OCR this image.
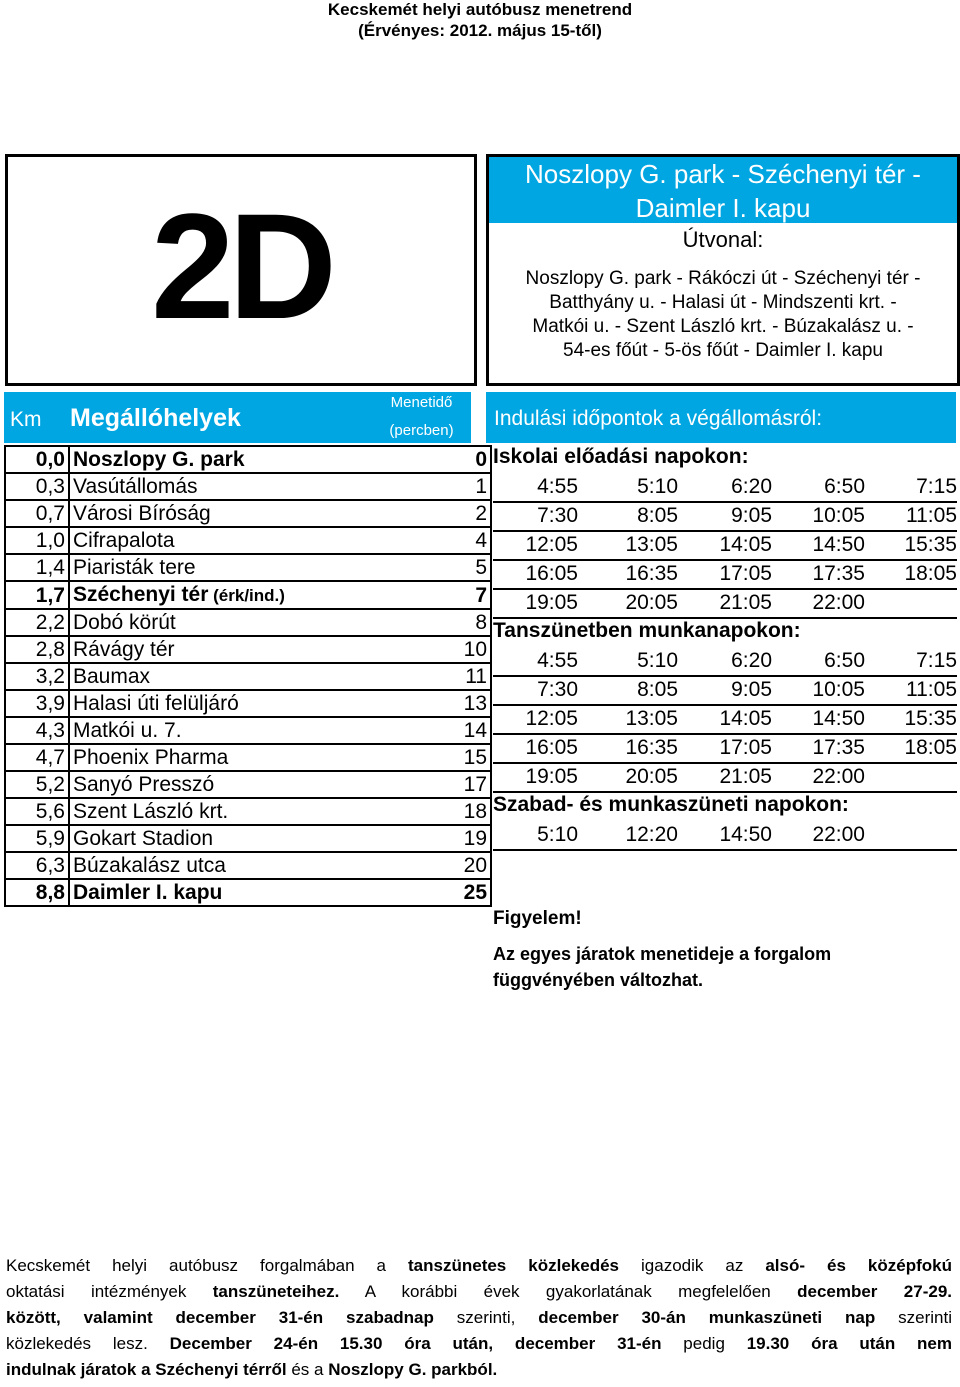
Kecskemét helyi autóbusz menetrend
(Érvényes: 2012. május 15-től)
2D
Noszlopy G. park - Széchenyi tér -
Daimler I. kapu
Útvonal:
Noszlopy G. park - Rákóczi út - Széchenyi tér -
Batthyány u. - Halasi út - Mindszenti krt. -
Matkói u. - Szent László krt. - Búzakalász u. -
54-es főút - 5-ös főút - Daimler I. kapu
Km Megállóhelyek
Menetidő
(percben)
Indulási időpontok a végállomásról:
0,0	Noszlopy G. park	0
0,3	Vasútállomás	1
0,7	Városi Bíróság	2
1,0	Cifrapalota	4
1,4	Piaristák tere	5
1,7	Széchenyi tér (érk/ind.)	7
2,2	Dobó körút	8
2,8	Rávágy tér	10
3,2	Baumax	11
3,9	Halasi úti felüljáró	13
4,3	Matkói u. 7.	14
4,7	Phoenix Pharma	15
5,2	Sanyó Presszó	17
5,6	Szent László krt.	18
5,9	Gokart Stadion	19
6,3	Búzakalász utca	20
8,8	Daimler I. kapu	25
Iskolai előadási napokon:
4:55	5:10	6:20	6:50	7:15
7:30	8:05	9:05	10:05	11:05
12:05	13:05	14:05	14:50	15:35
16:05	16:35	17:05	17:35	18:05
19:05	20:05	21:05	22:00
Tanszünetben munkanapokon:
4:55	5:10	6:20	6:50	7:15
7:30	8:05	9:05	10:05	11:05
12:05	13:05	14:05	14:50	15:35
16:05	16:35	17:05	17:35	18:05
19:05	20:05	21:05	22:00
Szabad- és munkaszüneti napokon:
5:10	12:20	14:50	22:00
Figyelem!
Az egyes járatok menetideje a forgalom
függvényében változhat.
Kecskemét helyi autóbusz forgalmában a tanszünetes közlekedés igazodik az alsó- és középfokú
oktatási intézmények tanszüneteihez. A korábbi évek gyakorlatának megfelelően december 27-29.
között, valamint december 31-én szabadnap szerinti, december 30-án munkaszüneti nap szerinti
közlekedés lesz. December 24-én 15.30 óra után, december 31-én pedig 19.30 óra után nem
indulnak járatok a Széchenyi térről és a Noszlopy G. parkból.
